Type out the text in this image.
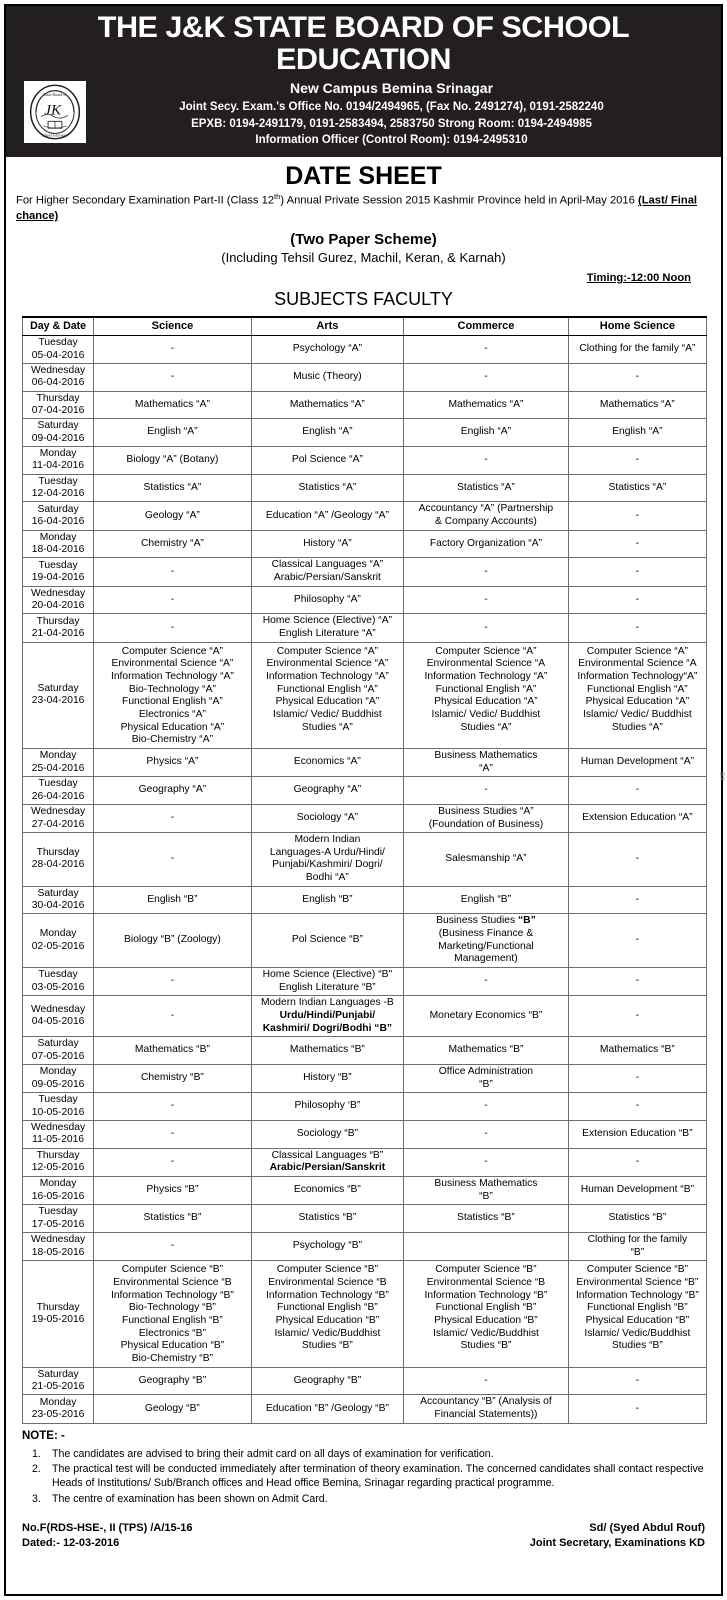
THE J&K STATE BOARD OF SCHOOL EDUCATION
State Board of
School Education
JK
New Campus Bemina Srinagar
Joint Secy. Exam.'s Office No. 0194/2494965, (Fax No. 2491274), 0191-2582240
EPXB: 0194-2491179, 0191-2583494, 2583750 Strong Room: 0194-2494985
Information Officer (Control Room): 0194-2495310
DATE SHEET
For Higher Secondary Examination Part-II (Class 12th) Annual Private Session 2015 Kashmir Province held in April-May 2016 (Last/ Final chance)
(Two Paper Scheme)
(Including Tehsil Gurez, Machil, Keran, & Karnah)
Timing:-12:00 Noon
SUBJECTS FACULTY
Day & Date	Science	Arts	Commerce	Home Science

Tuesday
05-04-2016	-	Psychology “A”	-	Clothing for the family “A”

Wednesday
06-04-2016	-	Music (Theory)	-	-

Thursday
07-04-2016	Mathematics “A”	Mathematics “A”	Mathematics “A”	Mathematics “A”

Saturday
09-04-2016	English “A”	English “A”	English “A”	English “A”

Monday
11-04-2016	Biology “A” (Botany)	Pol Science “A”	-	-

Tuesday
12-04-2016	Statistics “A”	Statistics “A”	Statistics “A”	Statistics “A”

Saturday
16-04-2016
	Geology “A”	Education “A” /Geology “A”	Accountancy “A” (Partnership
& Company Accounts)	-

Monday
18-04-2016	Chemistry “A”	History “A”	Factory Organization “A”	-

Tuesday
19-04-2016
	-	Classical Languages “A”
Arabic/Persian/Sanskrit	-	-

Wednesday
20-04-2016	-	Philosophy “A”	-	-

Thursday
21-04-2016
	-	Home Science (Elective) “A”
English Literature “A”	-	-

Saturday
23-04-2016
	Computer Science “A”
Environmental Science “A”
Information Technology “A”
Bio-Technology “A”
Functional English “A”
Electronics “A”
Physical Education “A”
Bio-Chemistry “A”	Computer Science “A”
Environmental Science “A”
Information Technology “A”
Functional English “A”
Physical Education “A”
Islamic/ Vedic/ Buddhist
Studies “A”	Computer Science “A”
Environmental Science “A
Information Technology “A”
Functional English “A”
Physical Education “A”
Islamic/ Vedic/ Buddhist
Studies “A”	Computer Science “A”
Environmental Science “A
Information Technology“A”
Functional English “A”
Physical Education “A”
Islamic/ Vedic/ Buddhist
Studies “A”

Monday
25-04-2016
	Physics “A”	Economics “A”	Business Mathematics
“A”	Human Development “A”

Tuesday
26-04-2016	Geography “A”	Geography “A”	-	-

Wednesday
27-04-2016
	-	Sociology “A”	Business Studies “A”
(Foundation of Business)	Extension Education “A”

Thursday
28-04-2016
	-	Modern Indian
Languages-A Urdu/Hindi/
Punjabi/Kashmiri/ Dogri/
Bodhi “A”	Salesmanship “A”	-

Saturday
30-04-2016	English “B”	English “B”	English “B”	-

Monday
02-05-2016
	Biology “B” (Zoology)	Pol Science “B”	Business Studies “B”
(Business Finance &
Marketing/Functional
Management)	-

Tuesday
03-05-2016
	-	Home Science (Elective) “B"
English Literature “B”	-	-

Wednesday
04-05-2016
	-	Modern Indian Languages -B
Urdu/Hindi/Punjabi/
Kashmiri/ Dogri/Bodhi “B”	Monetary Economics “B”	-

Saturday
07-05-2016	Mathematics “B”	Mathematics “B”	Mathematics “B”	Mathematics “B”

Monday
09-05-2016
	Chemistry “B”	History “B”	Office Administration
“B”	-

Tuesday
10-05-2016	-	Philosophy ‘B”	-	-

Wednesday
11-05-2016	-	Sociology “B”	-	Extension Education “B”

Thursday
12-05-2016
	-	Classical Languages “B”
Arabic/Persian/Sanskrit	-	-

Monday
16-05-2016
	Physics “B”	Economics “B”	Business Mathematics
“B”	Human Development “B”

Tuesday
17-05-2016	Statistics “B”	Statistics “B”	Statistics “B”	Statistics “B”

Wednesday
18-05-2016
	-	Psychology “B”		Clothing for the family
“B”

Thursday
19-05-2016
	Computer Science “B”
Environmental Science “B
Information Technology “B”
Bio-Technology “B”
Functional English “B”
Electronics “B”
Physical Education “B”
Bio-Chemistry “B”	Computer Science “B”
Environmental Science “B
Information Technology “B”
Functional English “B”
Physical Education “B”
Islamic/ Vedic/Buddhist
Studies “B”	Computer Science “B”
Environmental Science “B
Information Technology “B”
Functional English “B”
Physical Education “B”
Islamic/ Vedic/Buddhist
Studies “B”	Computer Science “B”
Environmental Science “B”
Information Technology “B”
Functional English “B”
Physical Education “B”
Islamic/ Vedic/Buddhist
Studies “B”

Saturday
21-05-2016	Geography “B”	Geography “B”	-	-

Monday
23-05-2016
	Geology “B”	Education “B” /Geology “B”	Accountancy “B” (Analysis of
Financial Statements))	-
45
NOTE: -
1.	The candidates are advised to bring their admit card on all days of examination for verification.
2.	The practical test will be conducted immediately after termination of theory examination. The concerned candidates shall contact respective Heads of Institutions/ Sub/Branch offices and Head office Bemina, Srinagar regarding practical programme.
3.	The centre of examination has been shown on Admit Card.
No.F(RDS-HSE-, II (TPS) /A/15-16
Dated:- 12-03-2016
Sd/ (Syed Abdul Rouf)
Joint Secretary, Examinations KD
